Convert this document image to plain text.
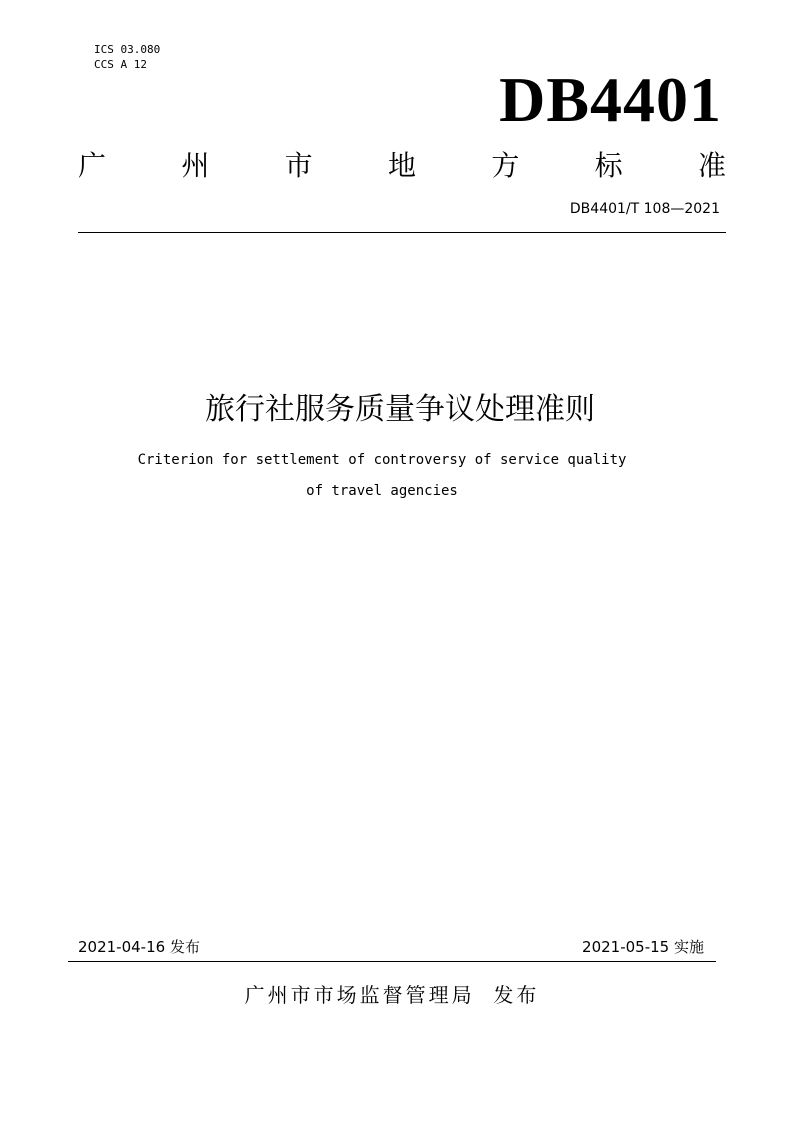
ICS 03.080
CCS A 12	DB4401
广	州	市	地	方	标	准
DB4401/T 108—2021
旅行社服务质量争议处理准则
Criterion for settlement of controversy of service quality
of travel agencies
2021-04-16 发布	2021-05-15 实施
广州市市场监督管理局  发布
